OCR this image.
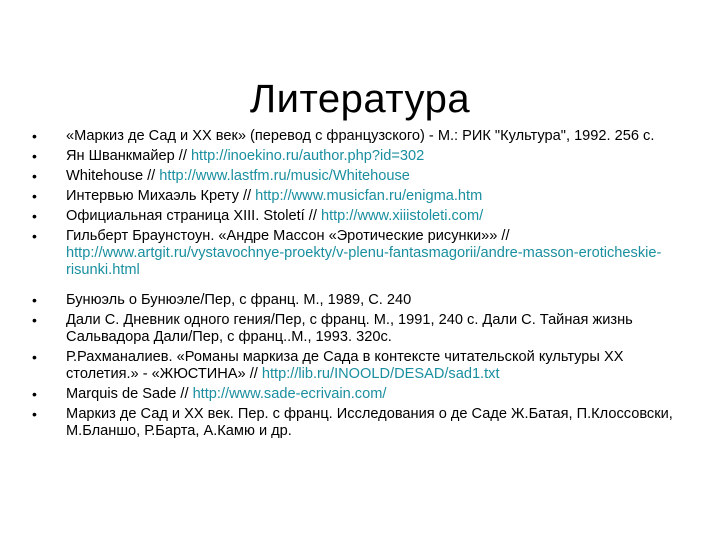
Литература
• «Маркиз де Сад и XX век» (перевод с французского) - М.: РИК "Культура", 1992. 256 с.
• Ян Шванкмайер // http://inoekino.ru/author.php?id=302
• Whitehouse // http://www.lastfm.ru/music/Whitehouse
• Интервью Михаэль Крету // http://www.musicfan.ru/enigma.htm
• Официальная страница XIII. Století // http://www.xiiistoleti.com/
• Гильберт Браунстоун. «Андре Массон «Эротические рисунки»» // http://www.artgit.ru/vystavochnye-proekty/v-plenu-fantasmagorii/andre-masson-eroticheskie-risunki.html
• Бунюэль о Бунюэле/Пер, с франц. М., 1989, С. 240
• Дали С. Дневник одного гения/Пер, с франц. М., 1991, 240 с. Дали С. Тайная жизнь Сальвадора Дали/Пер, с франц..М., 1993. 320с.
• Р.Рахманалиев. «Романы маркиза де Сада в контексте читательской культуры XX столетия.» - «ЖЮСТИНА» // http://lib.ru/INOOLD/DESAD/sad1.txt
• Marquis de Sade // http://www.sade-ecrivain.com/
• Маркиз де Сад и XX век. Пер. с франц. Исследования о де Саде Ж.Батая, П.Клоссовски, М.Бланшо, Р.Барта, А.Камю и др.
